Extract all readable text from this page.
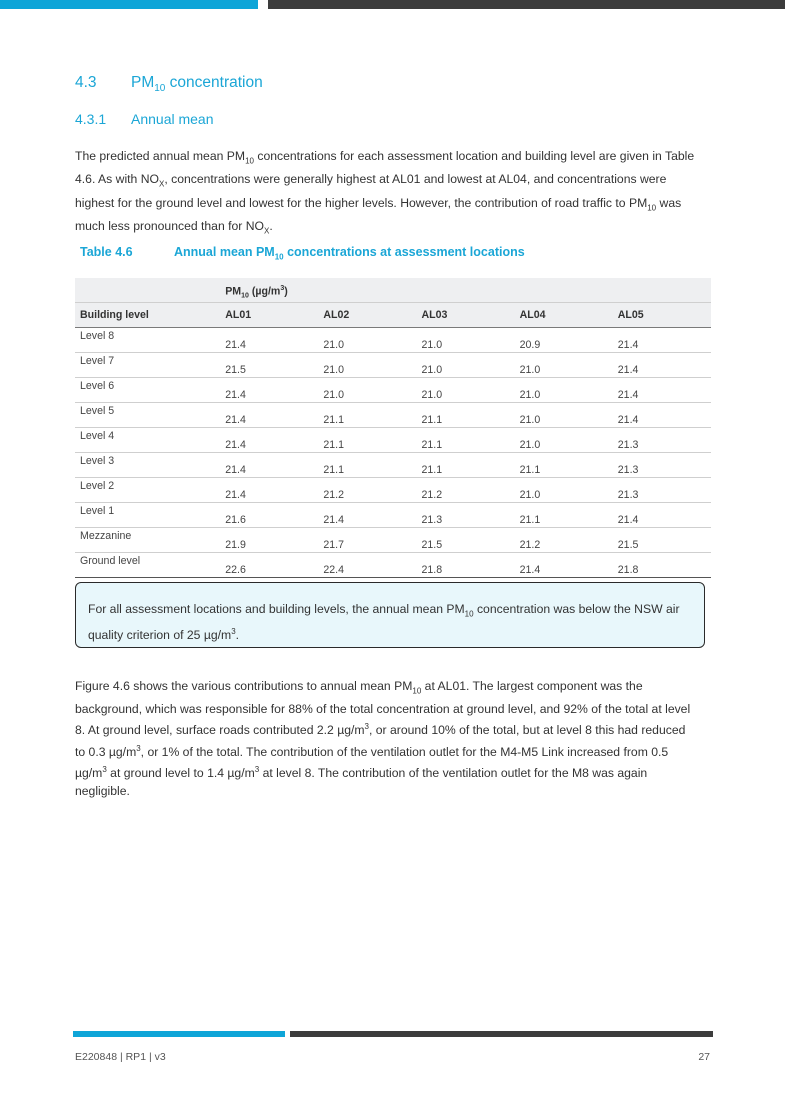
4.3 $PM_{10}$ concentration
4.3.1 Annual mean
The predicted annual mean $PM_{10}$ concentrations for each assessment location and building level are given in Table 4.6. As with $NO_X$, concentrations were generally highest at AL01 and lowest at AL04, and concentrations were highest for the ground level and lowest for the higher levels. However, the contribution of road traffic to $PM_{10}$ was much less pronounced than for $NO_X$.
Table 4.6	Annual mean $PM_{10}$ concentrations at assessment locations
	$PM_{10}$ $(\mu g/m^3)$				
Building level	AL01	AL02	AL03	AL04	AL05
Level 8	21.4	21.0	21.0	20.9	21.4
Level 7	21.5	21.0	21.0	21.0	21.4
Level 6	21.4	21.0	21.0	21.0	21.4
Level 5	21.4	21.1	21.1	21.0	21.4
Level 4	21.4	21.1	21.1	21.0	21.3
Level 3	21.4	21.1	21.1	21.1	21.3
Level 2	21.4	21.2	21.2	21.0	21.3
Level 1	21.6	21.4	21.3	21.1	21.4
Mezzanine	21.9	21.7	21.5	21.2	21.5
Ground level	22.6	22.4	21.8	21.4	21.8
For all assessment locations and building levels, the annual mean $PM_{10}$ concentration was below the NSW air quality criterion of 25 $\mu g/m^3$.
Figure 4.6 shows the various contributions to annual mean $PM_{10}$ at AL01. The largest component was the background, which was responsible for 88% of the total concentration at ground level, and 92% of the total at level 8. At ground level, surface roads contributed 2.2 $\mu g/m^3$, or around 10% of the total, but at level 8 this had reduced to 0.3 $\mu g/m^3$, or 1% of the total. The contribution of the ventilation outlet for the M4-M5 Link increased from 0.5 $\mu g/m^3$ at ground level to 1.4 $\mu g/m^3$ at level 8. The contribution of the ventilation outlet for the M8 was again negligible.
E220848 | RP1 | v3	27
